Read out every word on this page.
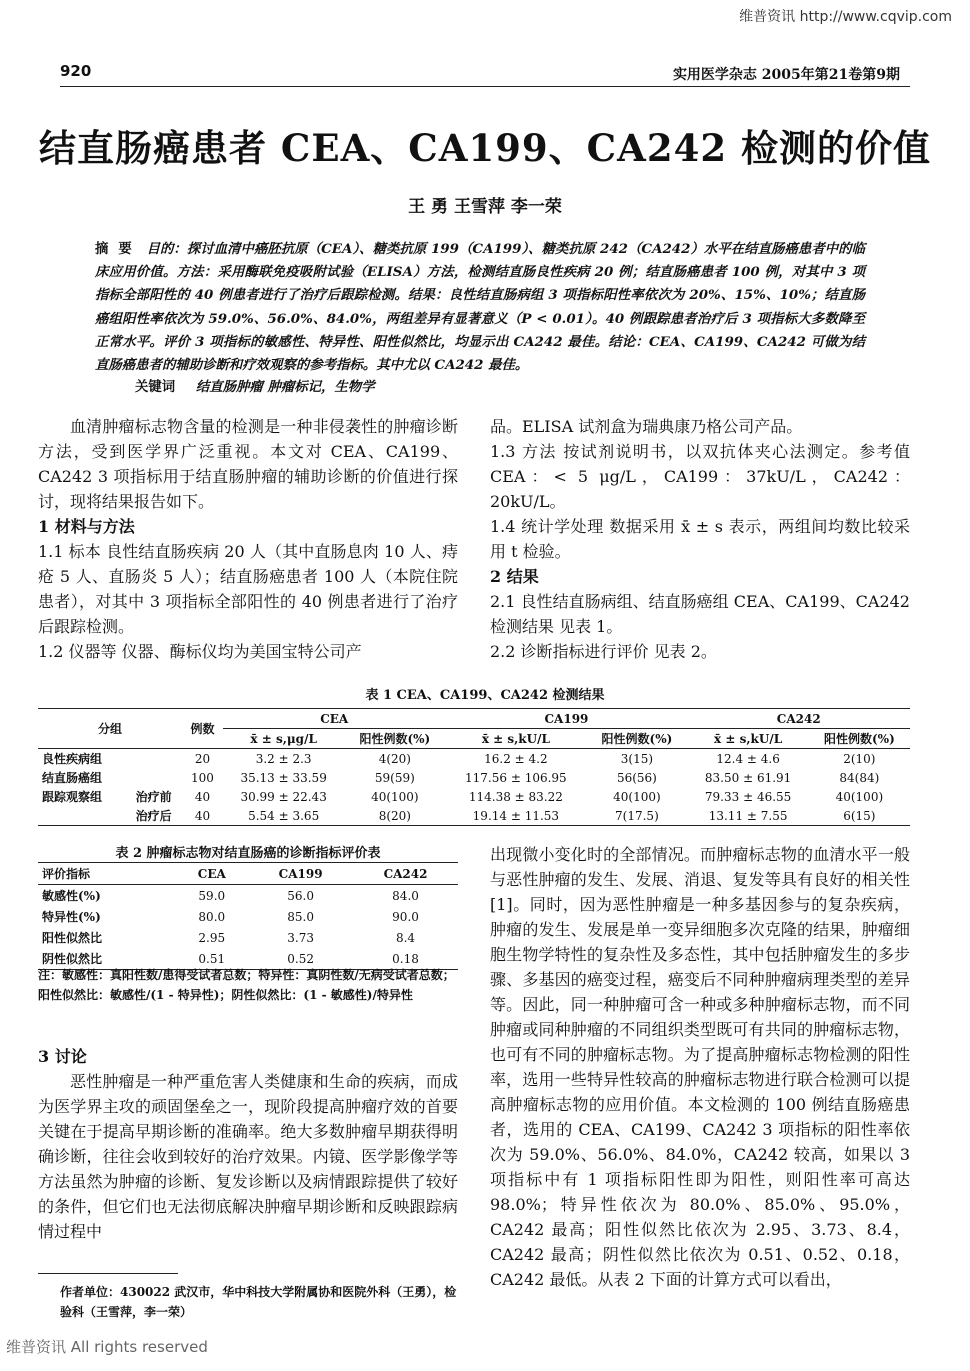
维普资讯 http://www.cqvip.com
920	实用医学杂志 2005年第21卷第9期
结直肠癌患者 CEA、CA199、CA242 检测的价值
王 勇 王雪萍 李一荣
摘要 目的：探讨血清中癌胚抗原（CEA）、糖类抗原 199（CA199）、糖类抗原 242（CA242）水平在结直肠癌患者中的临床应用价值。方法：采用酶联免疫吸附试验（ELISA）方法，检测结直肠良性疾病 20 例；结直肠癌患者 100 例，对其中 3 项指标全部阳性的 40 例患者进行了治疗后跟踪检测。结果：良性结直肠病组 3 项指标阳性率依次为 20%、15%、10%；结直肠癌组阳性率依次为 59.0%、56.0%、84.0%，两组差异有显著意义（P < 0.01）。40 例跟踪患者治疗后 3 项指标大多数降至正常水平。评价 3 项指标的敏感性、特异性、阳性似然比，均显示出 CA242 最佳。结论：CEA、CA199、CA242 可做为结直肠癌患者的辅助诊断和疗效观察的参考指标。其中尤以 CA242 最佳。
关键词 结直肠肿瘤 肿瘤标记，生物学

血清肿瘤标志物含量的检测是一种非侵袭性的肿瘤诊断方法，受到医学界广泛重视。本文对 CEA、CA199、CA242 3 项指标用于结直肠肿瘤的辅助诊断的价值进行探讨，现将结果报告如下。

1 材料与方法

1.1 标本 良性结直肠疾病 20 人（其中直肠息肉 10 人、痔疮 5 人、直肠炎 5 人）；结直肠癌患者 100 人（本院住院患者），对其中 3 项指标全部阳性的 40 例患者进行了治疗后跟踪检测。

1.2 仪器等 仪器、酶标仪均为美国宝特公司产

品。ELISA 试剂盒为瑞典康乃格公司产品。

1.3 方法 按试剂说明书，以双抗体夹心法测定。参考值 CEA：< 5 μg/L，CA199：37kU/L，CA242：20kU/L。

1.4 统计学处理 数据采用 x̄ ± s 表示，两组间均数比较采用 t 检验。

2 结果

2.1 良性结直肠病组、结直肠癌组 CEA、CA199、CA242 检测结果 见表 1。

2.2 诊断指标进行评价 见表 2。

表 1 CEA、CA199、CA242 检测结果
分组		例数	CEA		CA199		CA242	
			x̄ ± s,μg/L	阳性例数(%)	x̄ ± s,kU/L	阳性例数(%)	x̄ ± s,kU/L	阳性例数(%)
良性疾病组		20	3.2 ± 2.3	4(20)	16.2 ± 4.2	3(15)	12.4 ± 4.6	2(10)
结直肠癌组		100	35.13 ± 33.59	59(59)	117.56 ± 106.95	56(56)	83.50 ± 61.91	84(84)
跟踪观察组	治疗前	40	30.99 ± 22.43	40(100)	114.38 ± 83.22	40(100)	79.33 ± 46.55	40(100)
	治疗后	40	5.54 ± 3.65	8(20)	19.14 ± 11.53	7(17.5)	13.11 ± 7.55	6(15)
表 2 肿瘤标志物对结直肠癌的诊断指标评价表
评价指标	CEA	CA199	CA242
敏感性(%)	59.0	56.0	84.0
特异性(%)	80.0	85.0	90.0
阳性似然比	2.95	3.73	8.4
阴性似然比	0.51	0.52	0.18
注：敏感性：真阳性数/患得受试者总数；特异性：真阴性数/无病受试者总数；阳性似然比：敏感性/(1 - 特异性)；阴性似然比：(1 - 敏感性)/特异性
3 讨论

恶性肿瘤是一种严重危害人类健康和生命的疾病，而成为医学界主攻的顽固堡垒之一，现阶段提高肿瘤疗效的首要关键在于提高早期诊断的准确率。绝大多数肿瘤早期获得明确诊断，往往会收到较好的治疗效果。内镜、医学影像学等方法虽然为肿瘤的诊断、复发诊断以及病情跟踪提供了较好的条件，但它们也无法彻底解决肿瘤早期诊断和反映跟踪病情过程中

出现微小变化时的全部情况。而肿瘤标志物的血清水平一般与恶性肿瘤的发生、发展、消退、复发等具有良好的相关性[1]。同时，因为恶性肿瘤是一种多基因参与的复杂疾病，肿瘤的发生、发展是单一变异细胞多次克隆的结果，肿瘤细胞生物学特性的复杂性及多态性，其中包括肿瘤发生的多步骤、多基因的癌变过程，癌变后不同种肿瘤病理类型的差异等。因此，同一种肿瘤可含一种或多种肿瘤标志物，而不同肿瘤或同种肿瘤的不同组织类型既可有共同的肿瘤标志物，也可有不同的肿瘤标志物。为了提高肿瘤标志物检测的阳性率，选用一些特异性较高的肿瘤标志物进行联合检测可以提高肿瘤标志物的应用价值。本文检测的 100 例结直肠癌患者，选用的 CEA、CA199、CA242 3 项指标的阳性率依次为 59.0%、56.0%、84.0%，CA242 较高，如果以 3 项指标中有 1 项指标阳性即为阳性，则阳性率可高达 98.0%；特异性依次为 80.0%、85.0%、95.0%，CA242 最高；阳性似然比依次为 2.95、3.73、8.4，CA242 最高；阴性似然比依次为 0.51、0.52、0.18，CA242 最低。从表 2 下面的计算方式可以看出，

作者单位：430022 武汉市，华中科技大学附属协和医院外科（王勇），检验科（王雪萍，李一荣）
维普资讯 All rights reserved
